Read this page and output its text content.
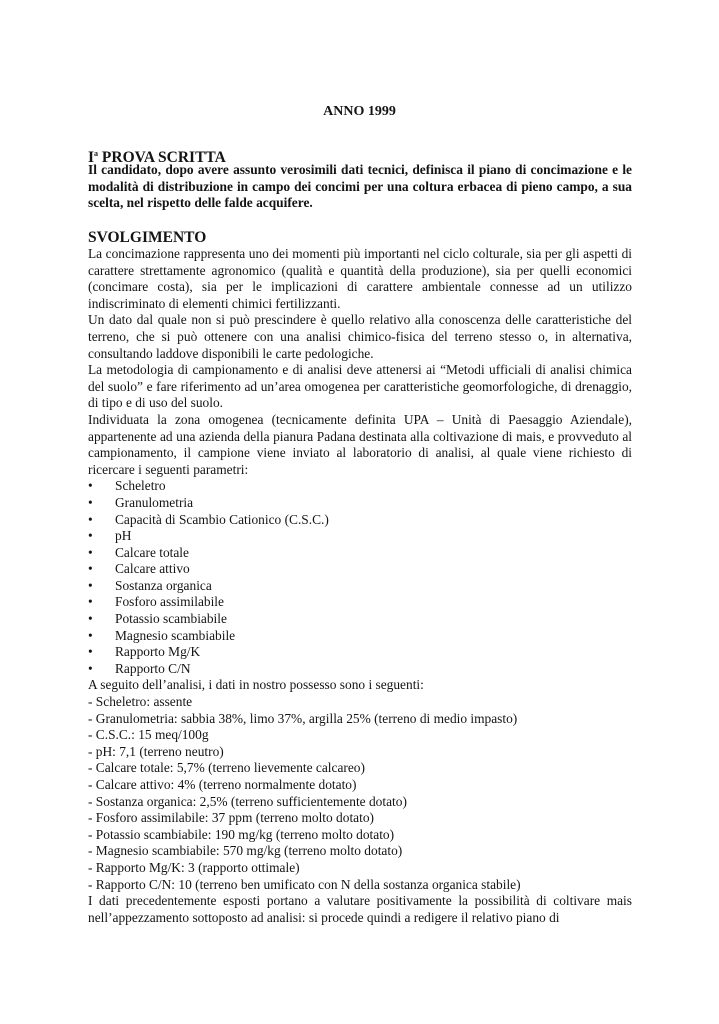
ANNO 1999
$I^a$ PROVA SCRITTA

Il candidato, dopo avere assunto verosimili dati tecnici, definisca il piano di concimazione e le modalità di distribuzione in campo dei concimi per una coltura erbacea di pieno campo, a sua scelta, nel rispetto delle falde acquifere.

SVOLGIMENTO

La concimazione rappresenta uno dei momenti più importanti nel ciclo colturale, sia per gli aspetti di carattere strettamente agronomico (qualità e quantità della produzione), sia per quelli economici (concimare costa), sia per le implicazioni di carattere ambientale connesse ad un utilizzo indiscriminato di elementi chimici fertilizzanti.

Un dato dal quale non si può prescindere è quello relativo alla conoscenza delle caratteristiche del terreno, che si può ottenere con una analisi chimico-fisica del terreno stesso o, in alternativa, consultando laddove disponibili le carte pedologiche.

La metodologia di campionamento e di analisi deve attenersi ai “Metodi ufficiali di analisi chimica del suolo” e fare riferimento ad un’area omogenea per caratteristiche geomorfologiche, di drenaggio, di tipo e di uso del suolo.

Individuata la zona omogenea (tecnicamente definita UPA – Unità di Paesaggio Aziendale), appartenente ad una azienda della pianura Padana destinata alla coltivazione di mais, e provveduto al campionamento, il campione viene inviato al laboratorio di analisi, al quale viene richiesto di ricercare i seguenti parametri:

• Scheletro
• Granulometria
• Capacità di Scambio Cationico (C.S.C.)
• pH
• Calcare totale
• Calcare attivo
• Sostanza organica
• Fosforo assimilabile
• Potassio scambiabile
• Magnesio scambiabile
• Rapporto Mg/K
• Rapporto C/N

A seguito dell’analisi, i dati in nostro possesso sono i seguenti:

- Scheletro: assente
- Granulometria: sabbia 38%, limo 37%, argilla 25% (terreno di medio impasto)
- C.S.C.: 15 meq/100g
- pH: 7,1 (terreno neutro)
- Calcare totale: 5,7% (terreno lievemente calcareo)
- Calcare attivo: 4% (terreno normalmente dotato)
- Sostanza organica: 2,5% (terreno sufficientemente dotato)
- Fosforo assimilabile: 37 ppm (terreno molto dotato)
- Potassio scambiabile: 190 mg/kg (terreno molto dotato)
- Magnesio scambiabile: 570 mg/kg (terreno molto dotato)
- Rapporto Mg/K: 3 (rapporto ottimale)
- Rapporto C/N: 10 (terreno ben umificato con N della sostanza organica stabile)

I dati precedentemente esposti portano a valutare positivamente la possibilità di coltivare mais nell’appezzamento sottoposto ad analisi: si procede quindi a redigere il relativo piano di
